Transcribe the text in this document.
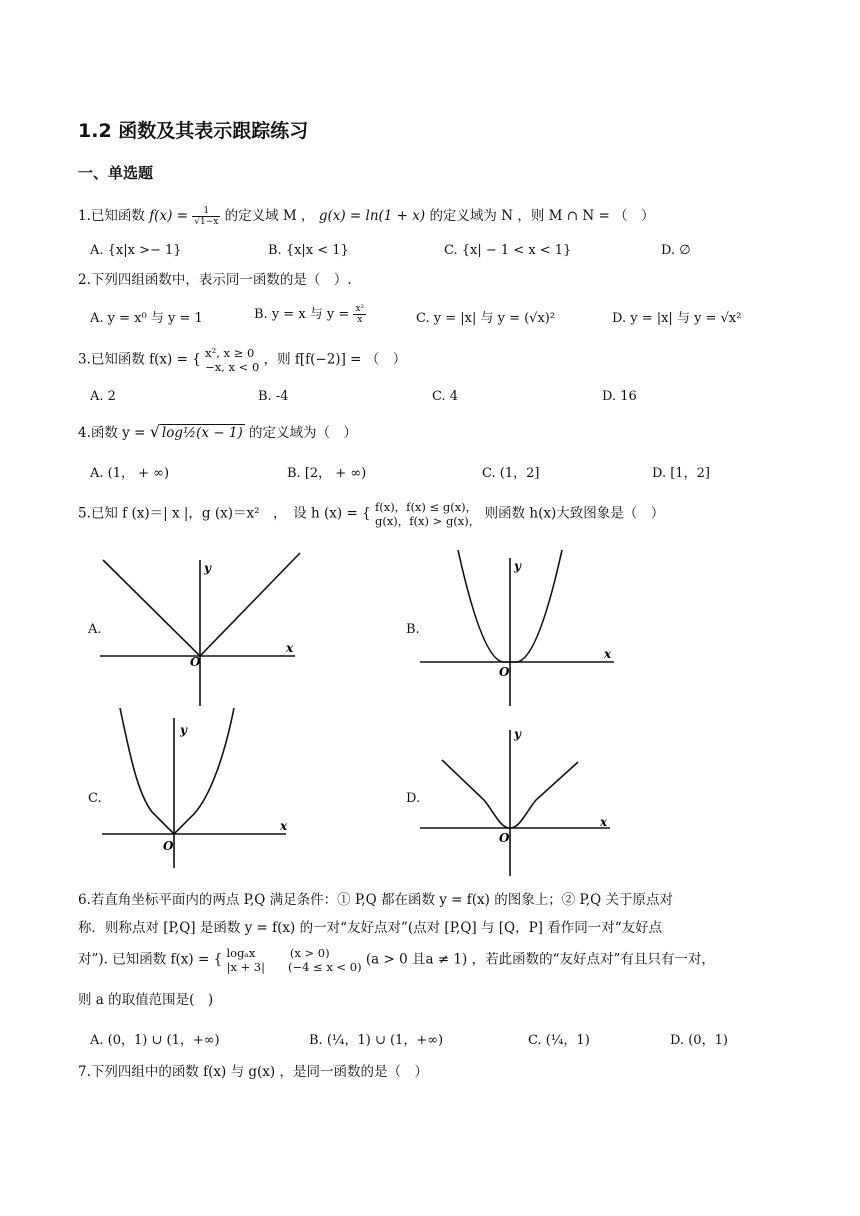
1.2 函数及其表示跟踪练习
一、单选题
1.已知函数 $f(x) = \frac{1}{√1-x}$ 的定义域 M ， g(x) = ln(1 + x) 的定义域为 N ，则 M ∩ N = （　）
A. {x|x >− 1}	B. {x|x < 1}	C. {x| − 1 < x < 1}	D. ∅
2.下列四组函数中，表示同一函数的是（　）.
A. y = x⁰ 与 y = 1	B. y = x 与 $y = \frac{\text{x²}}{x}$	C. y = |x| 与 y = (√x)²	D. y = |x| 与 y = √x²
3.已知函数 f(x) = { x², x ≥ 0
−x, x < 0 ，则 f[f(−2)] = （　）
A. 2	B. -4	C. 4	D. 16
4.函数 y = √ log½(x − 1) 的定义域为（　）
A. (1， + ∞)	B. [2， + ∞)	C. (1，2]	D. [1，2]
5.已知 f (x)＝| x |，g (x)＝x²　，　设 h (x) = { f(x)，f(x) ≤ g(x)，
g(x)，f(x) > g(x)， 则函数 h(x)大致图象是（　）
A.
y
x
O
B.
y
x
O
C.
y
x
O
D.
y
x
O
6.若直角坐标平面内的两点 P,Q 满足条件：① P,Q 都在函数 y = f(x) 的图象上；② P,Q 关于原点对
称．则称点对 [P,Q] 是函数 y = f(x) 的一对“友好点对”(点对 [P,Q] 与 [Q，P] 看作同一对“友好点
对”). 已知函数 f(x) = { logₐx　　　(x > 0)
|x + 3|　　(−4 ≤ x < 0) (a > 0 且a ≠ 1) ，若此函数的“友好点对”有且只有一对，
则 a 的取值范围是(　)
A. (0，1) ∪ (1，+∞)	B. (¼，1) ∪ (1，+∞)	C. (¼，1)	D. (0，1)
7.下列四组中的函数 f(x) 与 g(x) ，是同一函数的是（　）
